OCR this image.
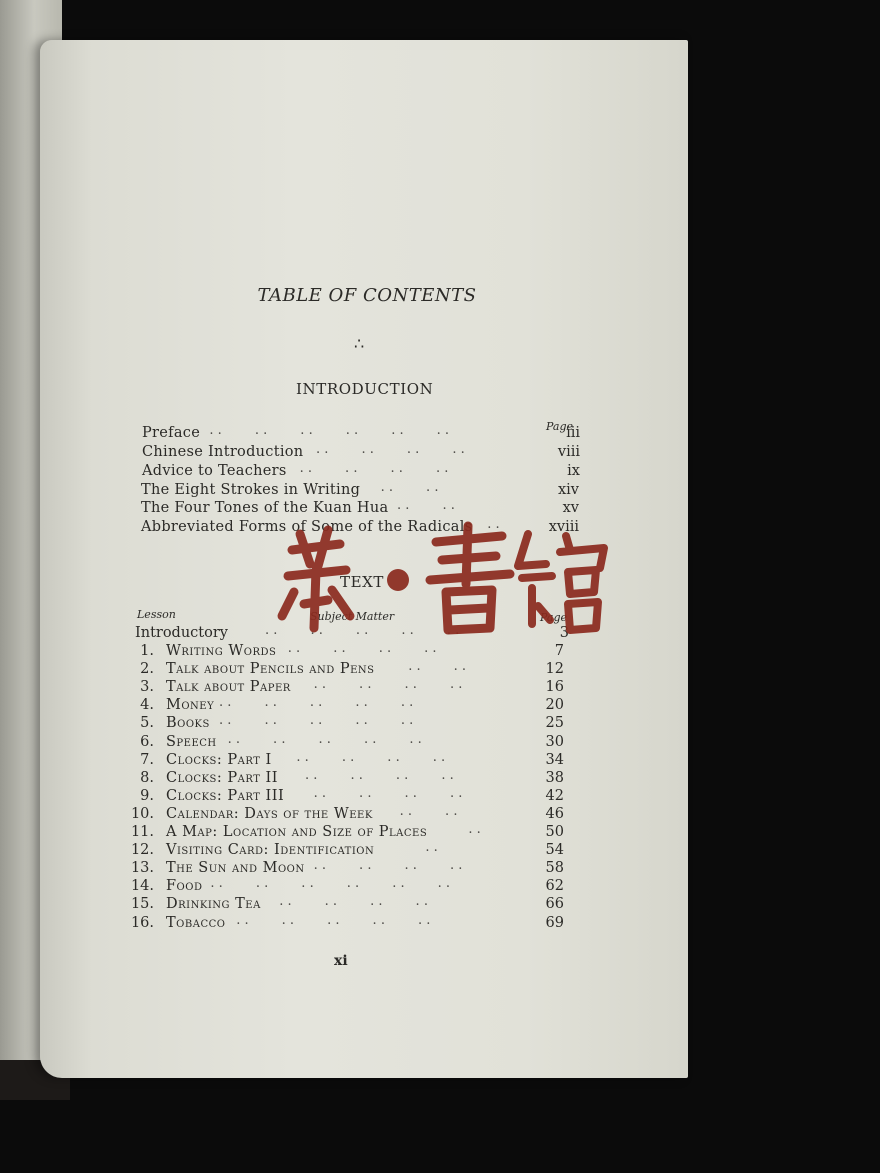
TABLE OF CONTENTS
∴
INTRODUCTION
Page
Preface . .        . .        . .        . .        . .        . .	iii
Chinese Introduction . .        . .        . .        . .	viii
Advice to Teachers . .        . .        . .        . .	ix
The Eight Strokes in Writing . .        . .	xiv
The Four Tones of the Kuan Hua . .        . .	xv
Abbreviated Forms of Some of the Radicals . .	xviii
TEXT
Lesson	Subject Matter	Page
Introductory	. .        . .        . .        . .        . .	3
1. Writing Words . .        . .        . .        . .	7
2. Talk about Pencils and Pens	. .        . .	12
3. Talk about Paper . .        . .        . .        . .	16
4. Money . .        . .        . .        . .        . .	20
5. Books . .        . .        . .        . .        . .	25
6. Speech . .        . .        . .        . .        . .	30
7. Clocks: Part I . .        . .        . .        . .	34
8. Clocks: Part II . .        . .        . .        . .	38
9. Clocks: Part III . .        . .        . .        . .	42
10. Calendar: Days of the Week . .        . .	46
11. A Map: Location and Size of Places	. .	50
12. Visiting Card: Identification	. .	54
13. The Sun and Moon . .        . .        . .        . .	58
14. Food . .        . .        . .        . .        . .        . .	62
15. Drinking Tea . .        . .        . .        . .	66
16. Tobacco . .        . .        . .        . .        . .	69
xi
